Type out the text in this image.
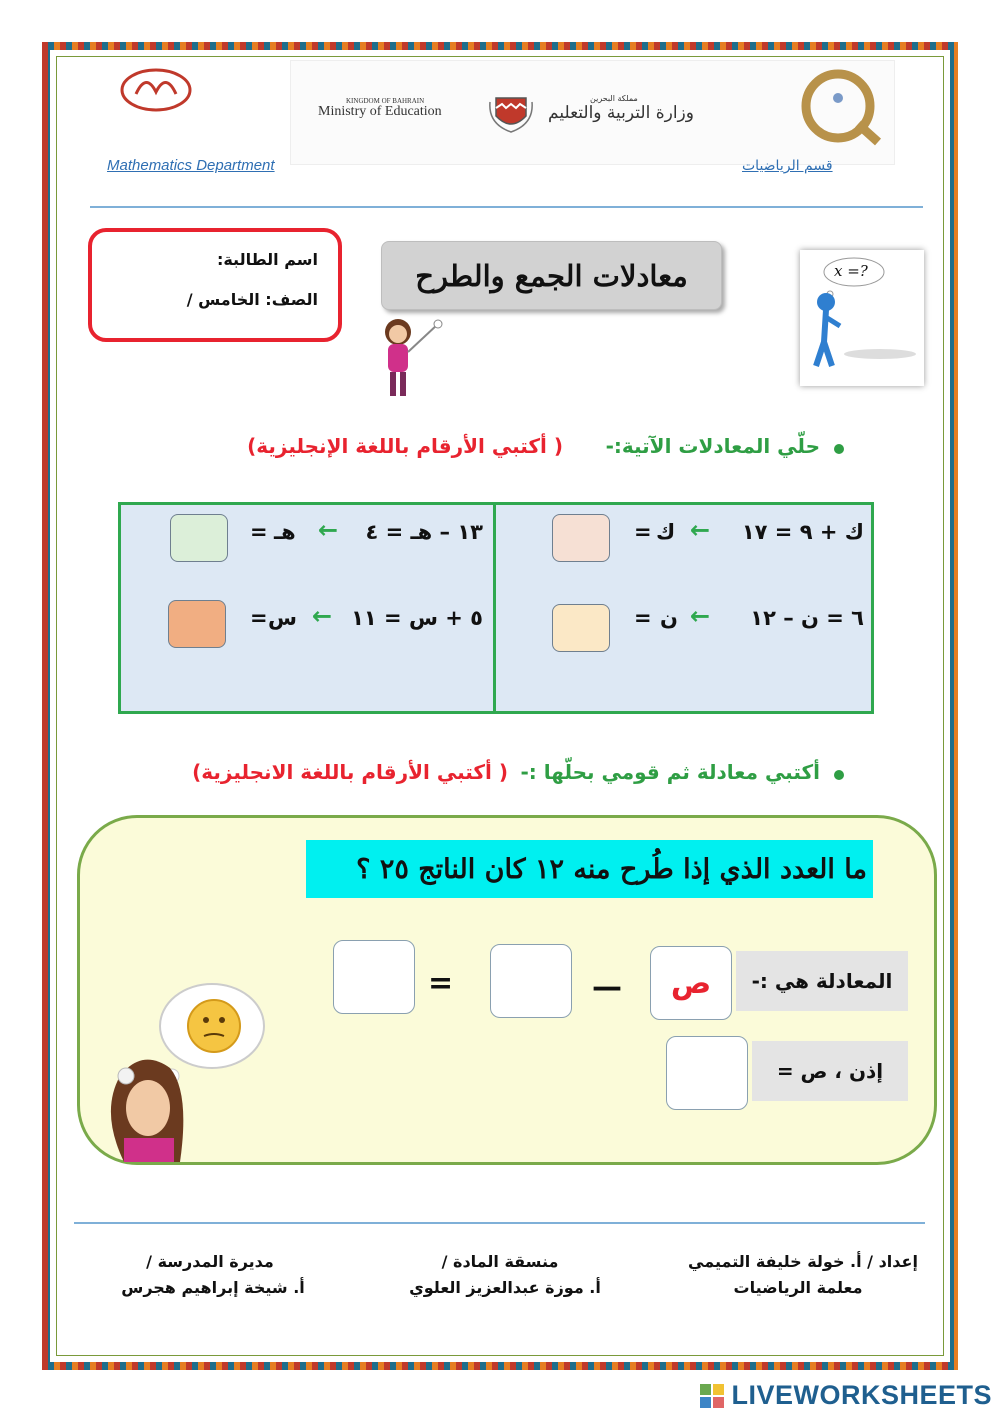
KINGDOM OF BAHRAIN
Ministry of Education
مملكة البحرين
وزارة التربية والتعليم
Mathematics Department	قسم الرياضيات
اسم الطالبة:
الصف: الخامس /
معادلات الجمع والطرح	x =?
حلّي المعادلات الآتية:-
( أكتبي الأرقام باللغة الإنجليزية)
ك + ٩ = ١٧
←
ك
=
١٣ – هـ = ٤
←
هـ
=
٦ = ن – ١٢
←
ن
=
٥ + س = ١١
←
س
=
أكتبي معادلة ثم قومي بحلّها :-
( أكتبي الأرقام باللغة الانجليزية)
ما العدد الذي إذا طُرح منه ١٢ كان الناتج ٢٥ ؟
المعادلة هي :-
ص
—
=
إذن ، ص =
إعداد / أ. خولة خليفة التميمي
معلمة الرياضيات
منسقة المادة /
أ. موزة عبدالعزيز العلوي
مديرة المدرسة /
أ. شيخة إبراهيم هجرس
LIVEWORKSHEETS
